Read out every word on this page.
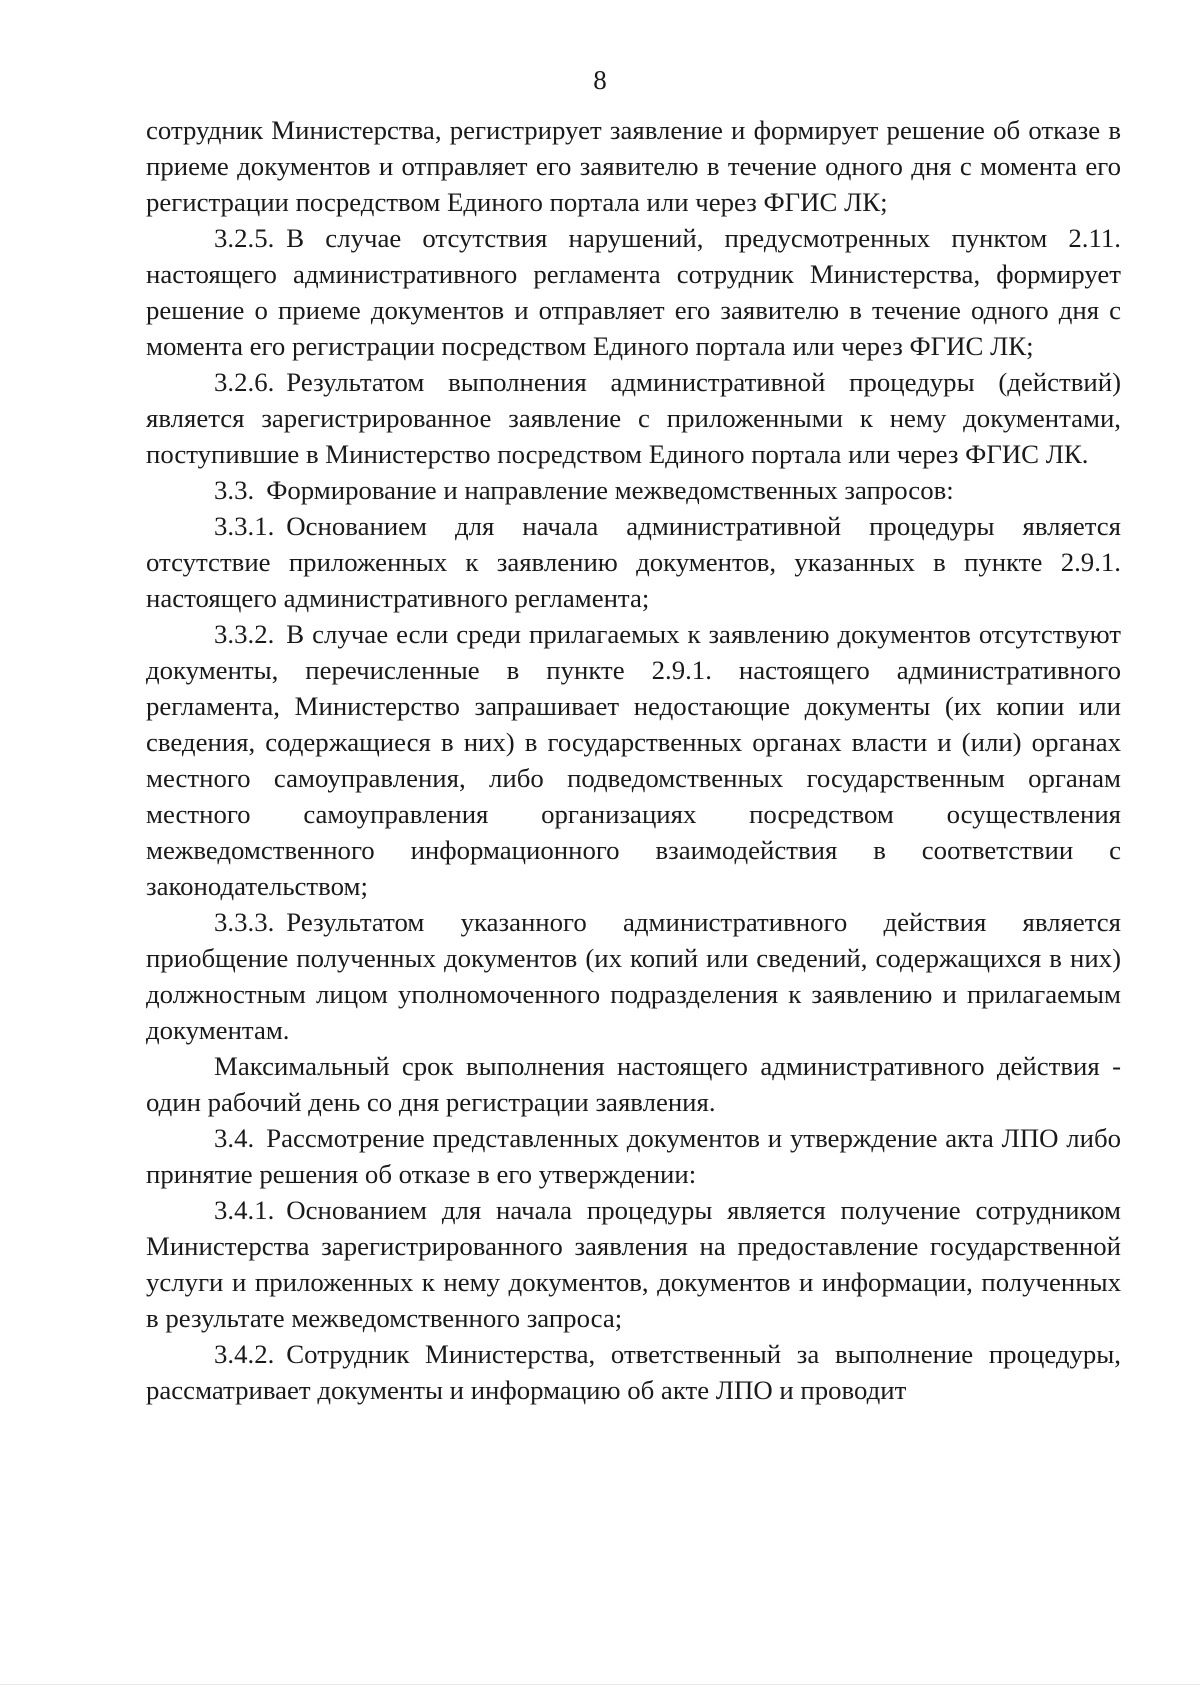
8

сотрудник Министерства, регистрирует заявление и формирует решение об отказе в приеме документов и отправляет его заявителю в течение одного дня с момента его регистрации посредством Единого портала или через ФГИС ЛК;

3.2.5. В случае отсутствия нарушений, предусмотренных пунктом 2.11. настоящего административного регламента сотрудник Министерства, формирует решение о приеме документов и отправляет его заявителю в течение одного дня с момента его регистрации посредством Единого портала или через ФГИС ЛК;

3.2.6. Результатом выполнения административной процедуры (действий) является зарегистрированное заявление с приложенными к нему документами, поступившие в Министерство посредством Единого портала или через ФГИС ЛК.

3.3. Формирование и направление межведомственных запросов:

3.3.1. Основанием для начала административной процедуры является отсутствие приложенных к заявлению документов, указанных в пункте 2.9.1. настоящего административного регламента;

3.3.2. В случае если среди прилагаемых к заявлению документов отсутствуют документы, перечисленные в пункте 2.9.1. настоящего административного регламента, Министерство запрашивает недостающие документы (их копии или сведения, содержащиеся в них) в государственных органах власти и (или) органах местного самоуправления, либо подведомственных государственным органам местного самоуправления организациях посредством осуществления межведомственного информационного взаимодействия в соответствии с законодательством;

3.3.3. Результатом указанного административного действия является приобщение полученных документов (их копий или сведений, содержащихся в них) должностным лицом уполномоченного подразделения к заявлению и прилагаемым документам.

Максимальный срок выполнения настоящего административного действия - один рабочий день со дня регистрации заявления.

3.4. Рассмотрение представленных документов и утверждение акта ЛПО либо принятие решения об отказе в его утверждении:

3.4.1. Основанием для начала процедуры является получение сотрудником Министерства зарегистрированного заявления на предоставление государственной услуги и приложенных к нему документов, документов и информации, полученных в результате межведомственного запроса;

3.4.2. Сотрудник Министерства, ответственный за выполнение процедуры, рассматривает документы и информацию об акте ЛПО и проводит
